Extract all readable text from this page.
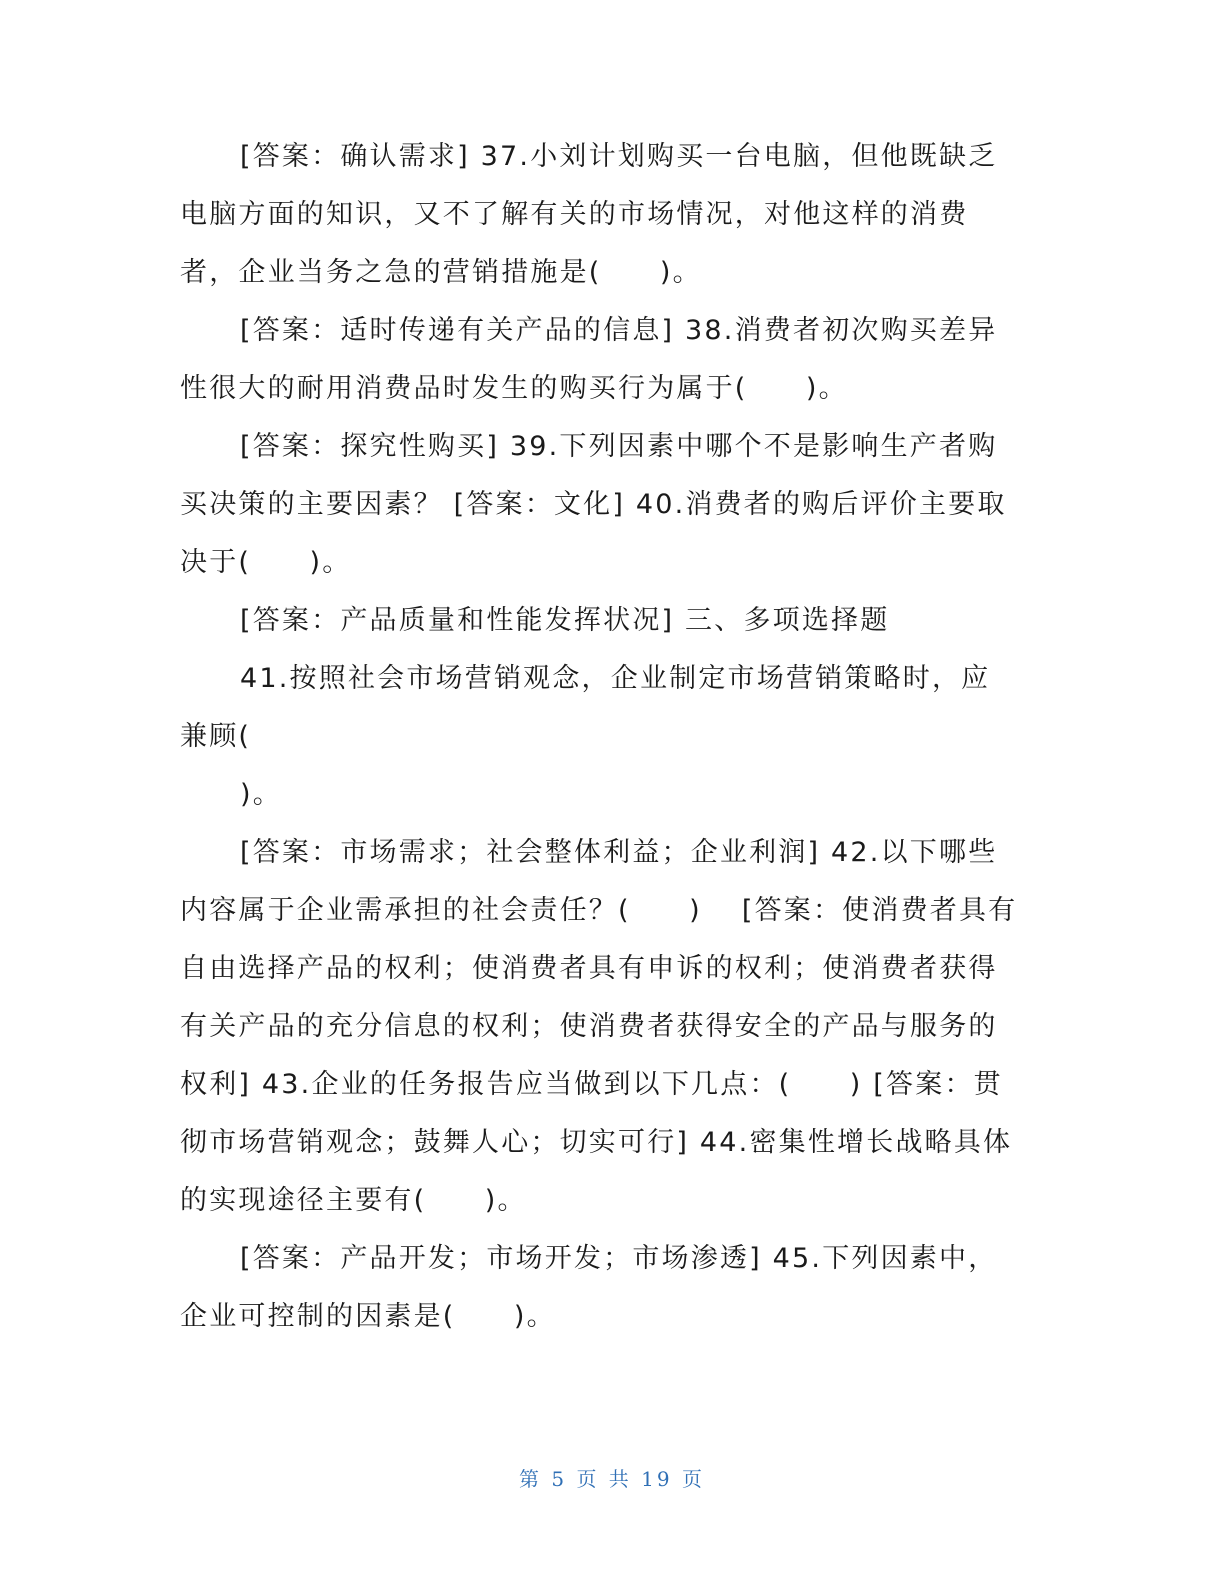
[答案：确认需求] 37.小刘计划购买一台电脑，但他既缺乏
电脑方面的知识，又不了解有关的市场情况，对他这样的消费
者，企业当务之急的营销措施是(　　)。
[答案：适时传递有关产品的信息] 38.消费者初次购买差异
性很大的耐用消费品时发生的购买行为属于(　　)。
[答案：探究性购买] 39.下列因素中哪个不是影响生产者购
买决策的主要因素？ [答案：文化] 40.消费者的购后评价主要取
决于(　　)。
[答案：产品质量和性能发挥状况] 三、多项选择题
41.按照社会市场营销观念，企业制定市场营销策略时，应
兼顾(
)。
[答案：市场需求；社会整体利益；企业利润] 42.以下哪些
内容属于企业需承担的社会责任？(　　)　 [答案：使消费者具有
自由选择产品的权利；使消费者具有申诉的权利；使消费者获得
有关产品的充分信息的权利；使消费者获得安全的产品与服务的
权利] 43.企业的任务报告应当做到以下几点：(　　) [答案：贯
彻市场营销观念；鼓舞人心；切实可行] 44.密集性增长战略具体
的实现途径主要有(　　)。
[答案：产品开发；市场开发；市场渗透] 45.下列因素中，
企业可控制的因素是(　　)。
第 5 页 共 19 页
